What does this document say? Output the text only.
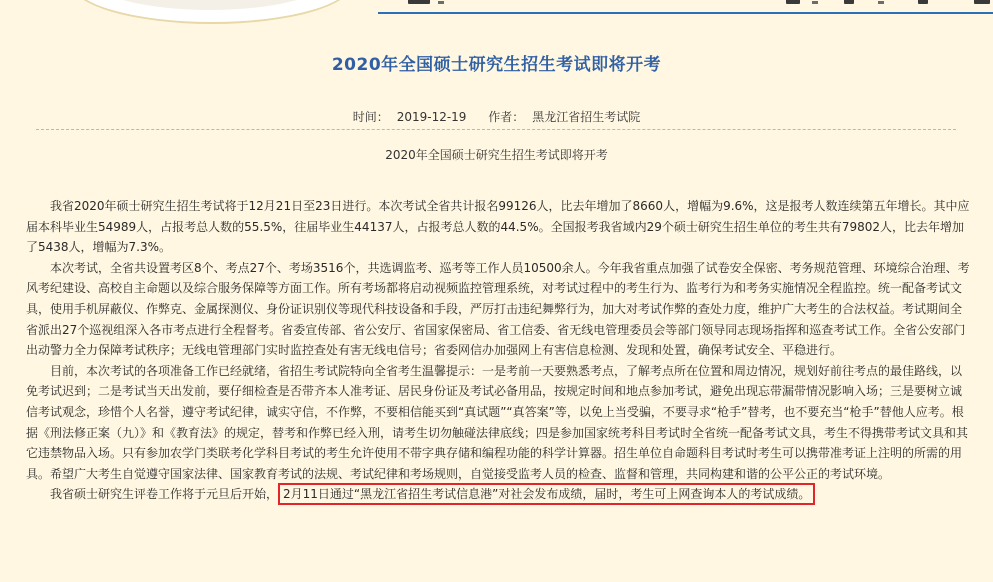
2020年全国硕士研究生招生考试即将开考
时间： 2019-12-19 作者： 黑龙江省招生考试院
2020年全国硕士研究生招生考试即将开考

我省2020年硕士研究生招生考试将于12月21日至23日进行。本次考试全省共计报名99126人，比去年增加了8660人，增幅为9.6%，这是报考人数连续第五年增长。其中应届本科毕业生54989人，占报考总人数的55.5%，往届毕业生44137人，占报考总人数的44.5%。全国报考我省域内29个硕士研究生招生单位的考生共有79802人，比去年增加了5438人，增幅为7.3%。

本次考试，全省共设置考区8个、考点27个、考场3516个，共选调监考、巡考等工作人员10500余人。今年我省重点加强了试卷安全保密、考务规范管理、环境综合治理、考风考纪建设、高校自主命题以及综合服务保障等方面工作。所有考场都将启动视频监控管理系统，对考试过程中的考生行为、监考行为和考务实施情况全程监控。统一配备考试文具，使用手机屏蔽仪、作弊克、金属探测仪、身份证识别仪等现代科技设备和手段，严厉打击违纪舞弊行为，加大对考试作弊的查处力度，维护广大考生的合法权益。考试期间全省派出27个巡视组深入各市考点进行全程督考。省委宣传部、省公安厅、省国家保密局、省工信委、省无线电管理委员会等部门领导同志现场指挥和巡查考试工作。全省公安部门出动警力全力保障考试秩序；无线电管理部门实时监控查处有害无线电信号；省委网信办加强网上有害信息检测、发现和处置，确保考试安全、平稳进行。

目前，本次考试的各项准备工作已经就绪，省招生考试院特向全省考生温馨提示：一是考前一天要熟悉考点，了解考点所在位置和周边情况，规划好前往考点的最佳路线，以免考试迟到；二是考试当天出发前，要仔细检查是否带齐本人准考证、居民身份证及考试必备用品，按规定时间和地点参加考试，避免出现忘带漏带情况影响入场；三是要树立诚信考试观念，珍惜个人名誉，遵守考试纪律，诚实守信，不作弊，不要相信能买到“真试题”“真答案”等，以免上当受骗，不要寻求“枪手”替考，也不要充当“枪手”替他人应考。根据《刑法修正案（九）》和《教育法》的规定，替考和作弊已经入刑，请考生切勿触碰法律底线；四是参加国家统考科目考试时全省统一配备考试文具，考生不得携带考试文具和其它违禁物品入场。只有参加农学门类联考化学科目考试的考生允许使用不带字典存储和编程功能的科学计算器。招生单位自命题科目考试时考生可以携带准考证上注明的所需的用具。希望广大考生自觉遵守国家法律、国家教育考试的法规、考试纪律和考场规则，自觉接受监考人员的检查、监督和管理，共同构建和谐的公平公正的考试环境。

我省硕士研究生评卷工作将于元旦后开始， 2月11日通过“黑龙江省招生考试信息港”对社会发布成绩，届时，考生可上网查询本人的考试成绩。
